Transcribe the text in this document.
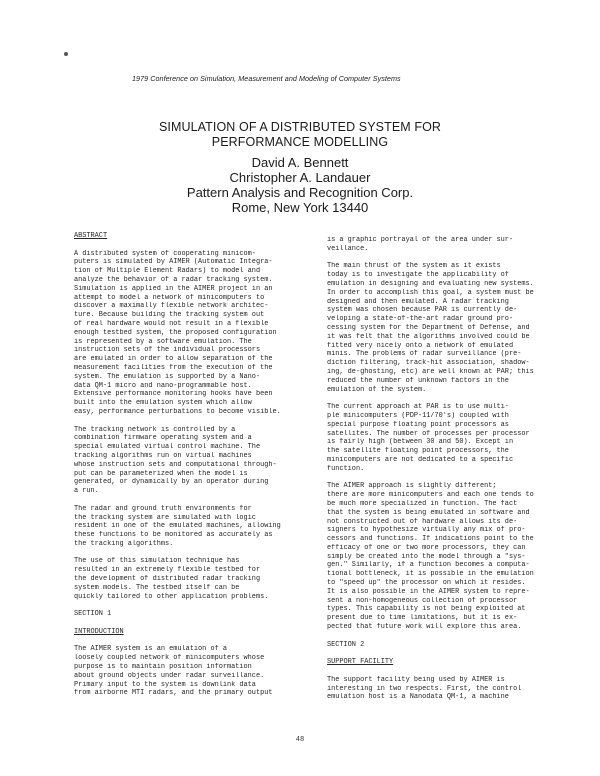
1979 Conference on Simulation, Measurement and Modeling of Computer Systems
SIMULATION OF A DISTRIBUTED SYSTEM FOR
PERFORMANCE MODELLING
David A. Bennett
Christopher A. Landauer
Pattern Analysis and Recognition Corp.
Rome, New York 13440
ABSTRACT
A distributed system of cooperating minicom-
puters is simulated by AIMER (Automatic Integra-
tion of Multiple Element Radars) to model and
analyze the behavior of a radar tracking system.
Simulation is applied in the AIMER project in an
attempt to model a network of minicomputers to
discover a maximally flexible network architec-
ture. Because building the tracking system out
of real hardware would not result in a flexible
enough testbed system, the proposed configuration
is represented by a software emulation. The
instruction sets of the individual processors
are emulated in order to allow separation of the
measurement facilities from the execution of the
system. The emulation is supported by a Nano-
data QM-1 micro and nano-programmable host.
Extensive performance monitoring hooks have been
built into the emulation system which allow
easy, performance perturbations to become visible.
The tracking network is controlled by a
combination firmware operating system and a
special emulated virtual control machine. The
tracking algorithms run on virtual machines
whose instruction sets and computational through-
put can be parameterized when the model is
generated, or dynamically by an operator during
a run.
The radar and ground truth environments for
the tracking system are simulated with logic
resident in one of the emulated machines, allowing
these functions to be monitored as accurately as
the tracking algorithms.
The use of this simulation technique has
resulted in an extremely flexible testbed for
the development of distributed radar tracking
system models. The testbed itself can be
quickly tailored to other application problems.
SECTION 1
INTRODUCTION
The AIMER system is an emulation of a
loosely coupled network of minicomputers whose
purpose is to maintain position information
about ground objects under radar surveillance.
Primary input to the system is downlink data
from airborne MTI radars, and the primary output
is a graphic portrayal of the area under sur-
veillance.
The main thrust of the system as it exists
today is to investigate the applicability of
emulation in designing and evaluating new systems.
In order to accomplish this goal, a system must be
designed and then emulated. A radar tracking
system was chosen because PAR is currently de-
veloping a state-of-the-art radar ground pro-
cessing system for the Department of Defense, and
it was felt that the algorithms involved could be
fitted very nicely onto a network of emulated
minis. The problems of radar surveillance (pre-
diction filtering, track-hit association, shadow-
ing, de-ghosting, etc) are well known at PAR; this
reduced the number of unknown factors in the
emulation of the system.
The current approach at PAR is to use multi-
ple minicomputers (PDP-11/70's) coupled with
special purpose floating point processors as
satellites. The number of processes per processor
is fairly high (between 30 and 50). Except in
the satellite floating point processors, the
minicomputers are not dedicated to a specific
function.
The AIMER approach is slightly different;
there are more minicomputers and each one tends to
be much more specialized in function. The fact
that the system is being emulated in software and
not constructed out of hardware allows its de-
signers to hypothesize virtually any mix of pro-
cessors and functions. If indications point to the
efficacy of one or two more processors, they can
simply be created into the model through a "sys-
gen." Similarly, if a function becomes a computa-
tional bottleneck, it is possible in the emulation
to "speed up" the processor on which it resides.
It is also possible in the AIMER system to repre-
sent a non-homogeneous collection of processor
types. This capability is not being exploited at
present due to time limitations, but it is ex-
pected that future work will explore this area.
SECTION 2
SUPPORT FACILITY
The support facility being used by AIMER is
interesting in two respects. First, the control
emulation host is a Nanodata QM-1, a machine
48
